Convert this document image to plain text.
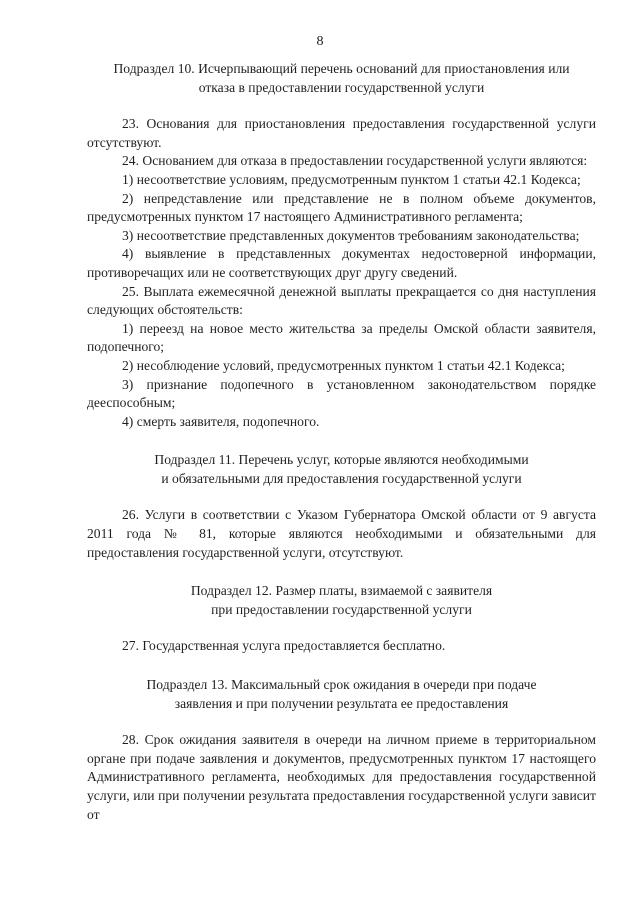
8
Подраздел 10. Исчерпывающий перечень оснований для приостановления или
отказа в предоставлении государственной услуги

23. Основания для приостановления предоставления государственной услуги отсутствуют.

24. Основанием для отказа в предоставлении государственной услуги являются:

1) несоответствие условиям, предусмотренным пунктом 1 статьи 42.1 Кодекса;

2) непредставление или представление не в полном объеме документов, предусмотренных пунктом 17 настоящего Административного регламента;

3) несоответствие представленных документов требованиям законодательства;

4) выявление в представленных документах недостоверной информации, противоречащих или не соответствующих друг другу сведений.

25. Выплата ежемесячной денежной выплаты прекращается со дня наступления следующих обстоятельств:

1) переезд на новое место жительства за пределы Омской области заявителя, подопечного;

2) несоблюдение условий, предусмотренных пунктом 1 статьи 42.1 Кодекса;

3) признание подопечного в установленном законодательством порядке дееспособным;

4) смерть заявителя, подопечного.

Подраздел 11. Перечень услуг, которые являются необходимыми
и обязательными для предоставления государственной услуги

26. Услуги в соответствии с Указом Губернатора Омской области от 9 августа 2011 года № 81, которые являются необходимыми и обязательными для предоставления государственной услуги, отсутствуют.

Подраздел 12. Размер платы, взимаемой с заявителя
при предоставлении государственной услуги

27. Государственная услуга предоставляется бесплатно.

Подраздел 13. Максимальный срок ожидания в очереди при подаче
заявления и при получении результата ее предоставления

28. Срок ожидания заявителя в очереди на личном приеме в территориальном органе при подаче заявления и документов, предусмотренных пунктом 17 настоящего Административного регламента, необходимых для предоставления государственной услуги, или при получении результата предоставления государственной услуги зависит от
